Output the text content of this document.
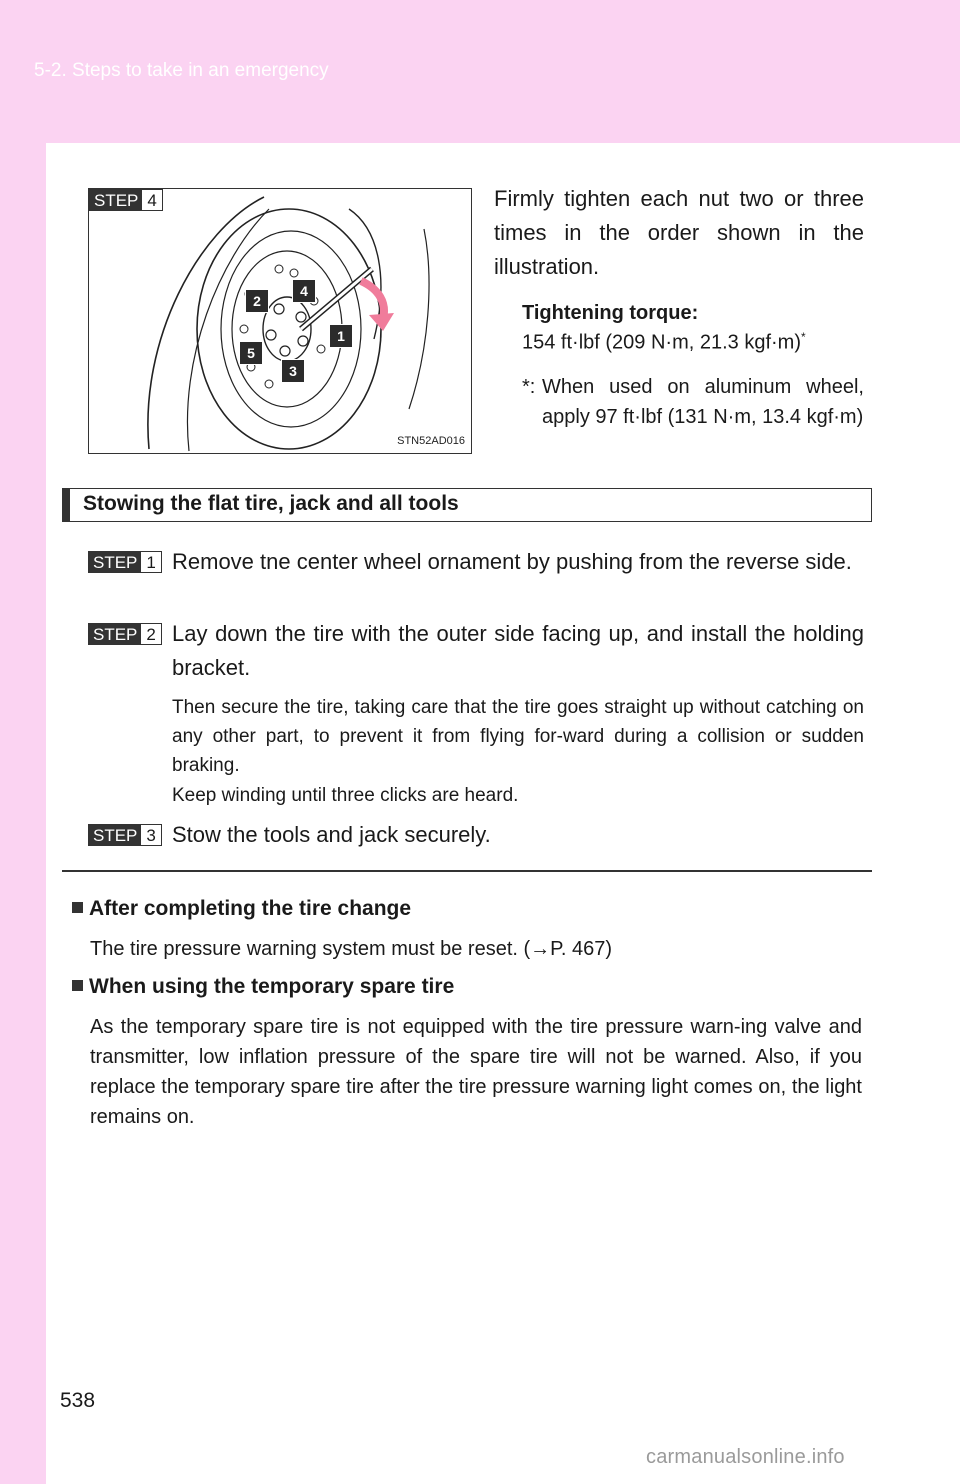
5-2. Steps to take in an emergency
STEP 4
2
4
1
5
3
STN52AD016
Firmly tighten each nut two or three times in the order shown in the illustration.
Tightening torque:
154 ft·lbf (209 N·m, 21.3 kgf·m)*
*: When used on aluminum wheel, apply 97 ft·lbf (131 N·m, 13.4 kgf·m)
Stowing the flat tire, jack and all tools
STEP 1 Remove tne center wheel ornament by pushing from the reverse side.
STEP 2 Lay down the tire with the outer side facing up, and install the holding bracket.
Then secure the tire, taking care that the tire goes straight up without catching on any other part, to prevent it from flying for-ward during a collision or sudden braking.
Keep winding until three clicks are heard.
STEP 3 Stow the tools and jack securely.
After completing the tire change
The tire pressure warning system must be reset. (→P. 467)
When using the temporary spare tire
As the temporary spare tire is not equipped with the tire pressure warn-ing valve and transmitter, low inflation pressure of the spare tire will not be warned. Also, if you replace the temporary spare tire after the tire pressure warning light comes on, the light remains on.
538
carmanualsonline.info
